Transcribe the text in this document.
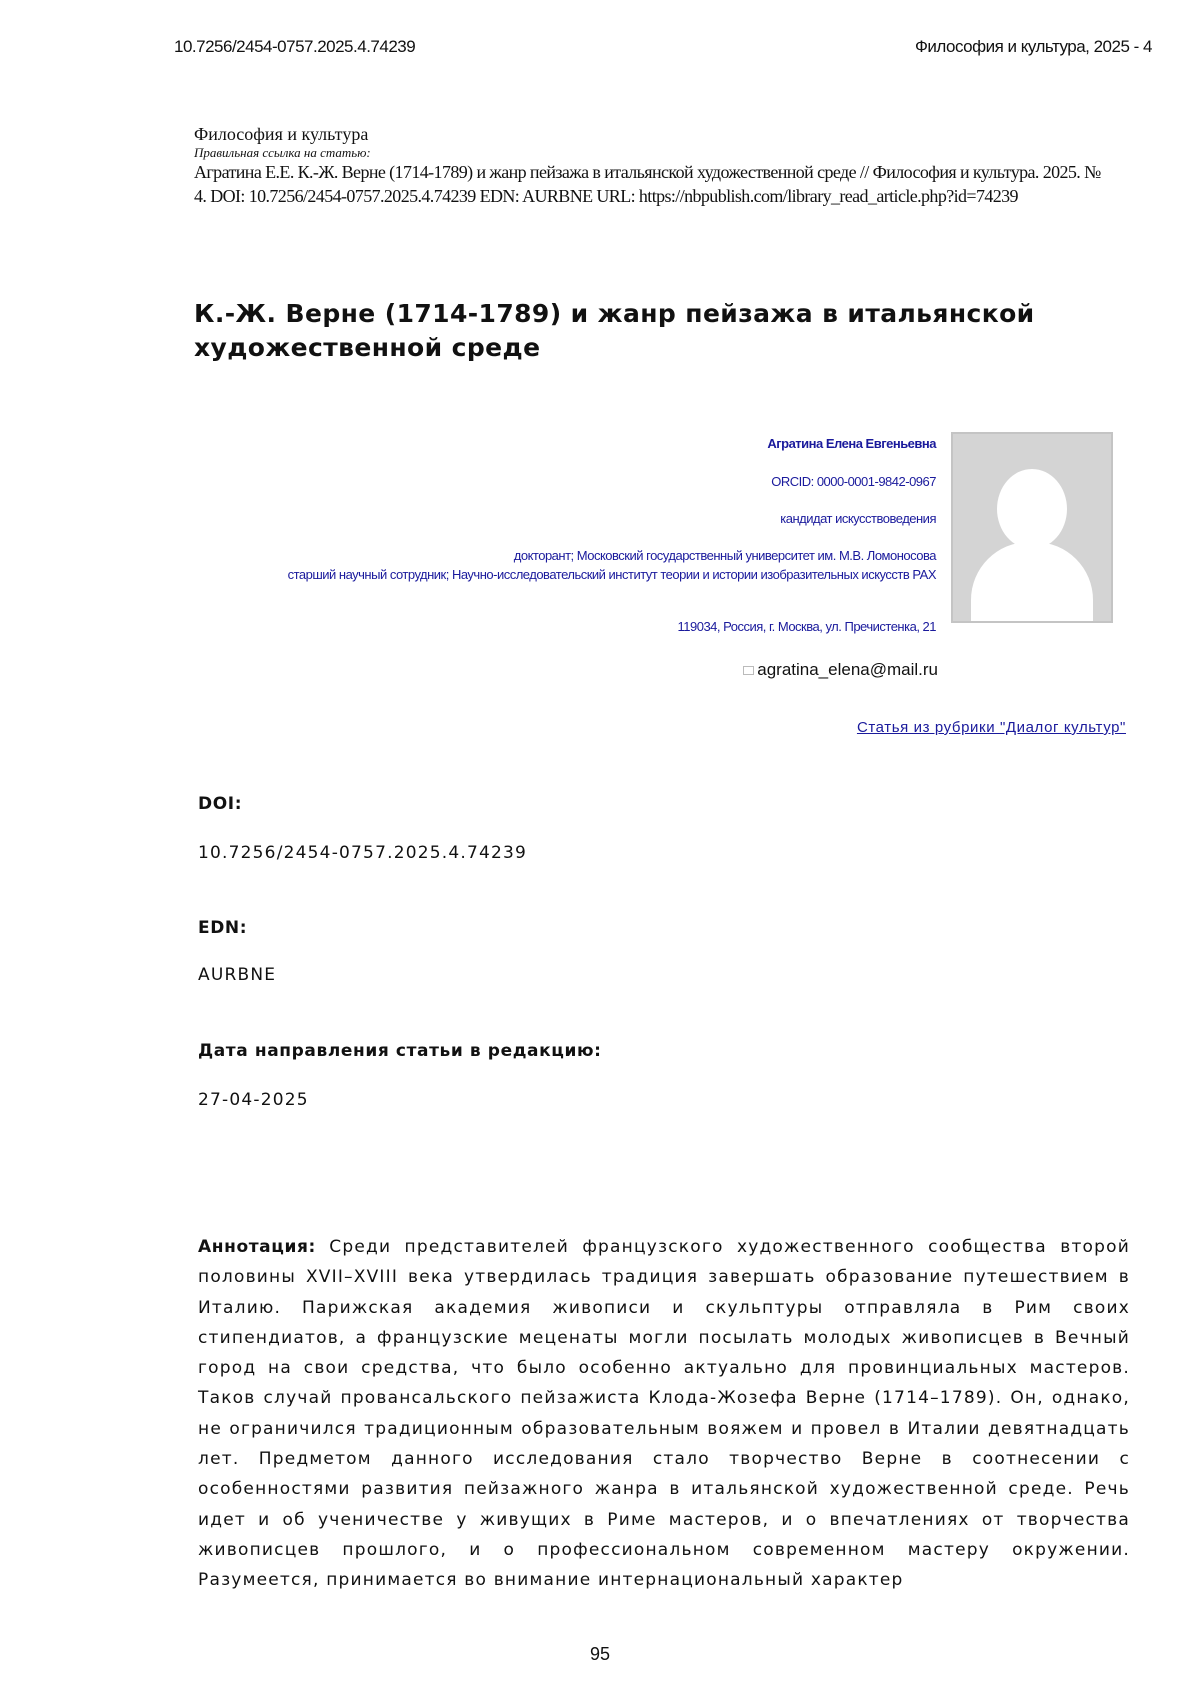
10.7256/2454-0757.2025.4.74239	Философия и культура, 2025 - 4
Философия и культура
Правильная ссылка на статью:
Агратина Е.Е. К.-Ж. Верне (1714-1789) и жанр пейзажа в итальянской художественной среде // Философия и культура. 2025. № 4. DOI: 10.7256/2454-0757.2025.4.74239 EDN: AURBNE URL: https://nbpublish.com/library_read_article.php?id=74239
К.-Ж. Верне (1714-1789) и жанр пейзажа в итальянской художественной среде
Агратина Елена Евгеньевна
ORCID: 0000-0001-9842-0967
кандидат искусствоведения
докторант; Московский государственный университет им. М.В. Ломоносова
старший научный сотрудник; Научно-исследовательский институт теории и истории изобразительных искусств РАХ
119034, Россия, г. Москва, ул. Пречистенка, 21
agratina_elena@mail.ru
Статья из рубрики "Диалог культур"
DOI:
10.7256/2454-0757.2025.4.74239
EDN:
AURBNE
Дата направления статьи в редакцию:
27-04-2025

Аннотация: Среди представителей французского художественного сообщества второй половины XVII–XVIII века утвердилась традиция завершать образование путешествием в Италию. Парижская академия живописи и скульптуры отправляла в Рим своих стипендиатов, а французские меценаты могли посылать молодых живописцев в Вечный город на свои средства, что было особенно актуально для провинциальных мастеров. Таков случай провансальского пейзажиста Клода-Жозефа Верне (1714–1789). Он, однако, не ограничился традиционным образовательным вояжем и провел в Италии девятнадцать лет. Предметом данного исследования стало творчество Верне в соотнесении с особенностями развития пейзажного жанра в итальянской художественной среде. Речь идет и об ученичестве у живущих в Риме мастеров, и о впечатлениях от творчества живописцев прошлого, и о профессиональном современном мастеру окружении. Разумеется, принимается во внимание интернациональный характер

95
